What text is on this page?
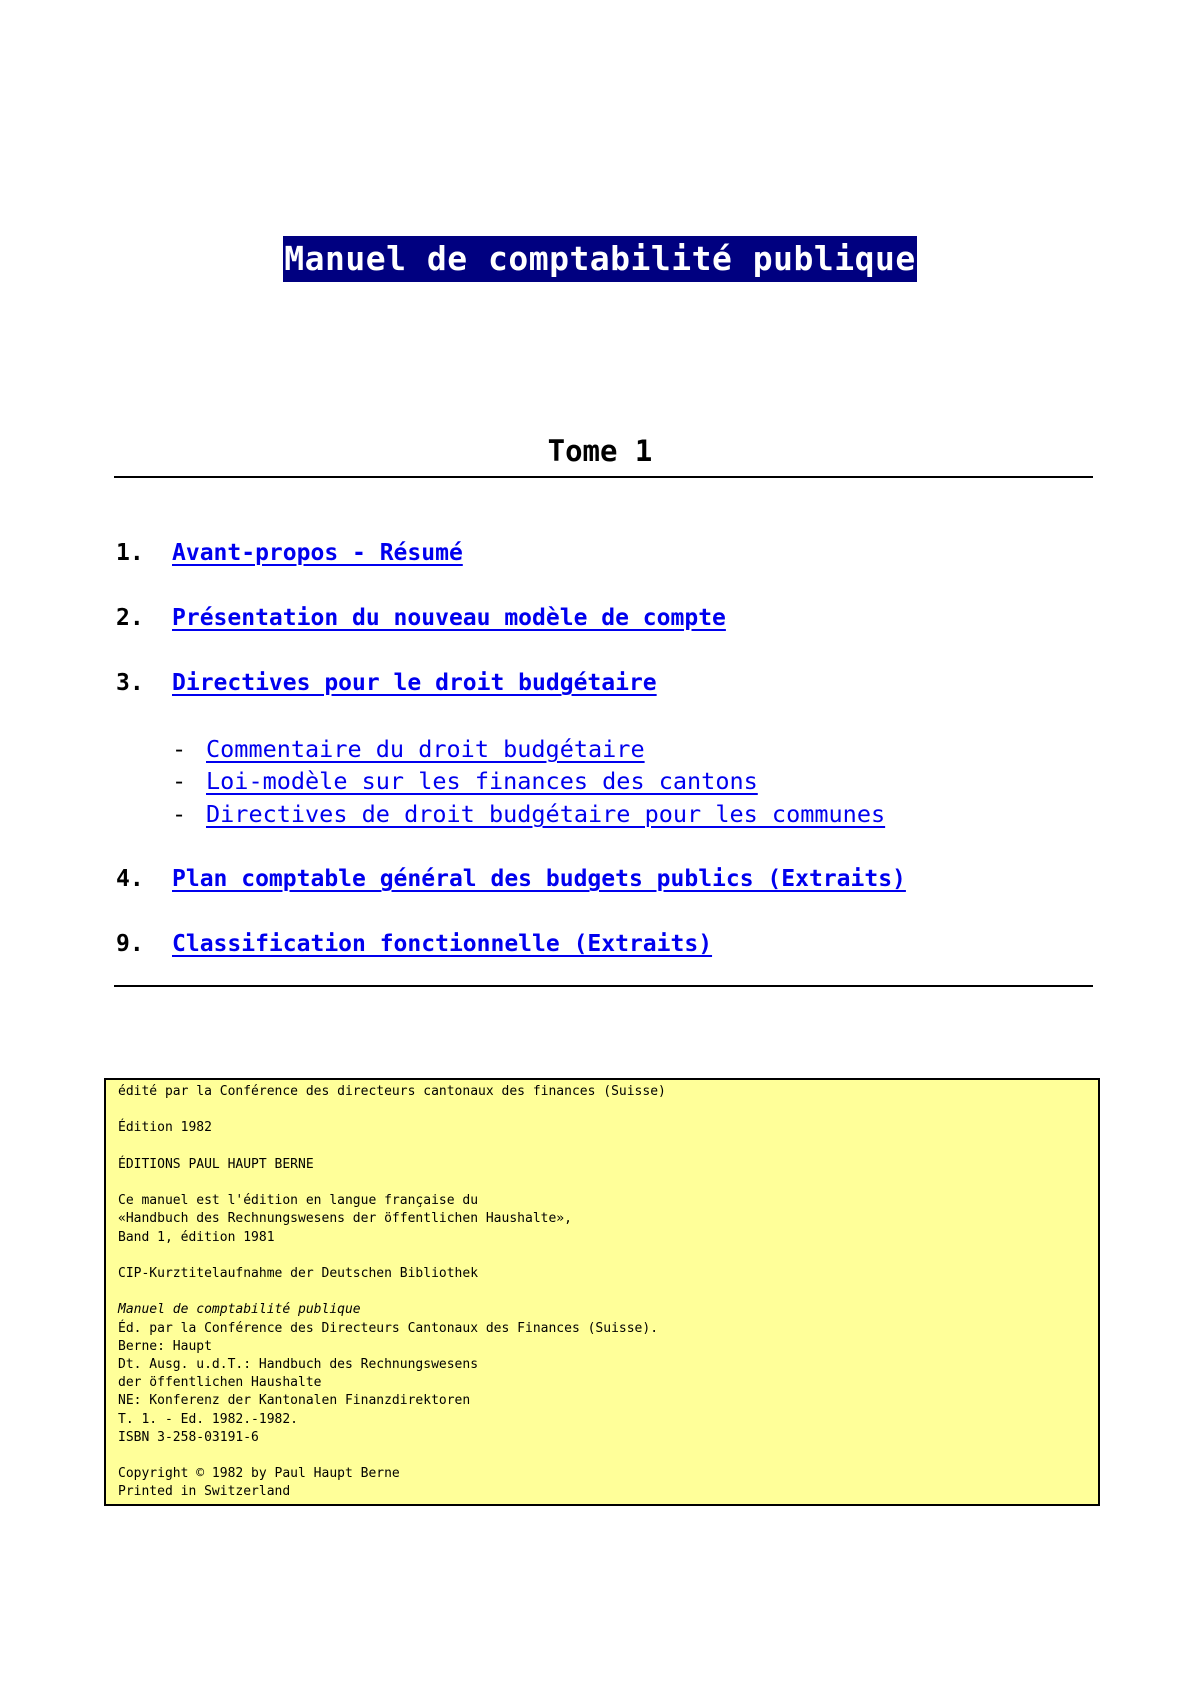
Manuel de comptabilité publique
Tome 1
1. Avant-propos - Résumé
2. Présentation du nouveau modèle de compte
3. Directives pour le droit budgétaire
- Commentaire du droit budgétaire
- Loi-modèle sur les finances des cantons
- Directives de droit budgétaire pour les communes
4. Plan comptable général des budgets publics (Extraits)
9. Classification fonctionnelle (Extraits)

édité par la Conférence des directeurs cantonaux des finances (Suisse)

Édition 1982

ÉDITIONS PAUL HAUPT BERNE

Ce manuel est l'édition en langue française du
«Handbuch des Rechnungswesens der öffentlichen Haushalte»,
Band 1, édition 1981

CIP-Kurztitelaufnahme der Deutschen Bibliothek

Manuel de comptabilité publique
Éd. par la Conférence des Directeurs Cantonaux des Finances (Suisse).
Berne: Haupt
Dt. Ausg. u.d.T.: Handbuch des Rechnungswesens
der öffentlichen Haushalte
NE: Konferenz der Kantonalen Finanzdirektoren
T. 1. - Ed. 1982.-1982.
ISBN 3-258-03191-6

Copyright © 1982 by Paul Haupt Berne
Printed in Switzerland
